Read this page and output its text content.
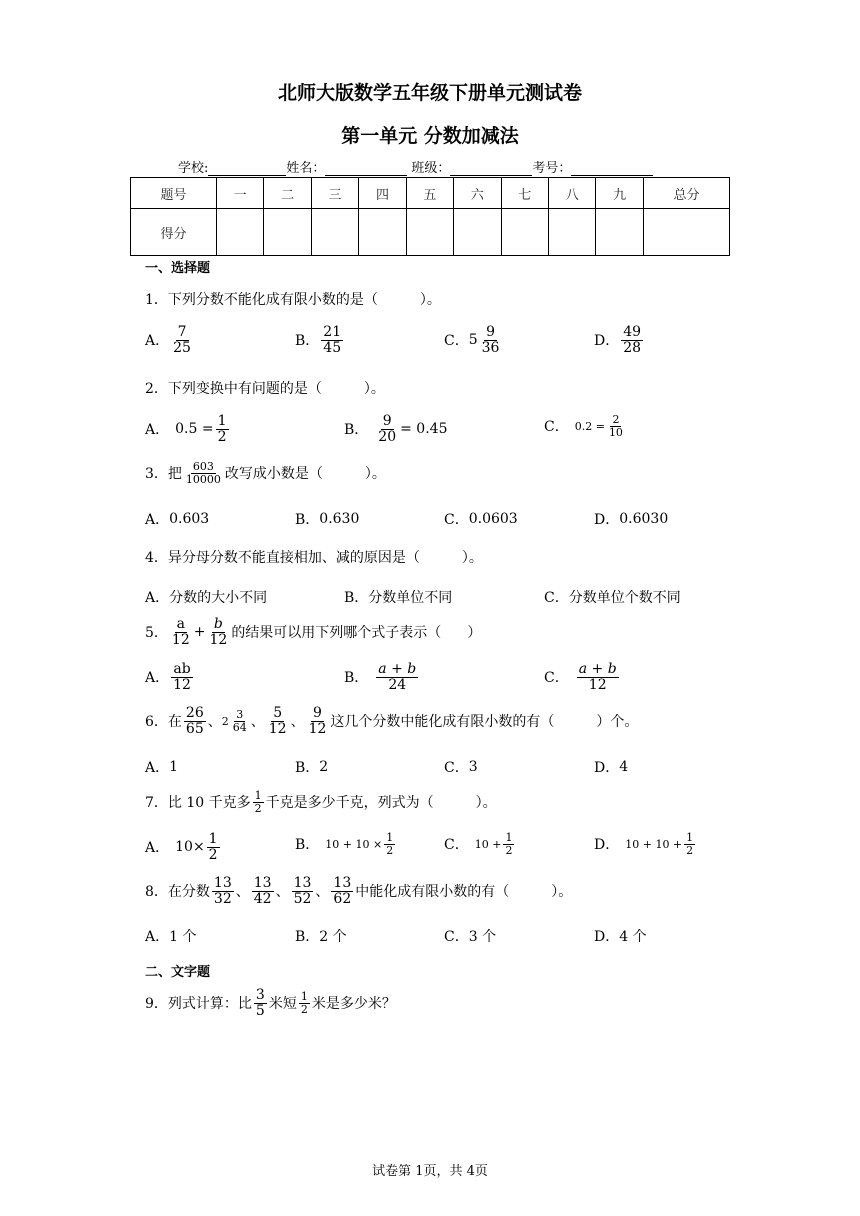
北师大版数学五年级下册单元测试卷
第一单元 分数加减法
学校:	姓名：	班级：	考号：
题号	一	二	三	四	五	六	七	八	九	总分
得分										
一、选择题
1． 下列分数不能化成有限小数的是（	）。
A． $\frac{7}{25}$	B． $\frac{21}{45}$	C． $5 \frac{9}{36}$	D． $\frac{49}{28}$
2． 下列变换中有问题的是（	）。
A． $0.5 = \frac{1}{2}$	B． $\frac{9}{20} = 0.45$	C． $0.2 = \frac{2}{10}$
3． 把 $\frac{603}{10000}$ 改写成小数是（	）。
A． 0.603	B． 0.630	C． 0.0603	D． 0.6030
4． 异分母分数不能直接相加、减的原因是（	）。
A． 分数的大小不同	B． 分数单位不同	C． 分数单位个数不同
5． $\frac{a}{12} + \frac{b}{12}$ 的结果可以用下列哪个式子表示（ ）
A． $\frac{ab}{12}$	B． $\frac{a + b}{24}$	C． $\frac{a + b}{12}$
6． 在 $\frac{26}{65}$ 、 $2 \frac{3}{64}$ 、 $\frac{5}{12}$ 、 $\frac{9}{12}$ 这几个分数中能化成有限小数的有（	）个。
A． 1	B． 2	C． 3	D． 4
7． 比 10 千克多 $\frac{1}{2}$ 千克是多少千克，列式为（	）。
A． $10\times \frac{1}{2}$	B． $10 + 10 \times \frac{1}{2}$	C． $10 + \frac{1}{2}$	D． $10 + 10 + \frac{1}{2}$
8． 在分数 $\frac{13}{32}$ 、 $\frac{13}{42}$ 、 $\frac{13}{52}$ 、 $\frac{13}{62}$ 中能化成有限小数的有（	）。
A． 1 个	B． 2 个	C． 3 个	D． 4 个
二、文字题
9． 列式计算：比 $\frac{3}{5}$ 米短 $\frac{1}{2}$ 米是多少米？
试卷第 1页，共 4页
